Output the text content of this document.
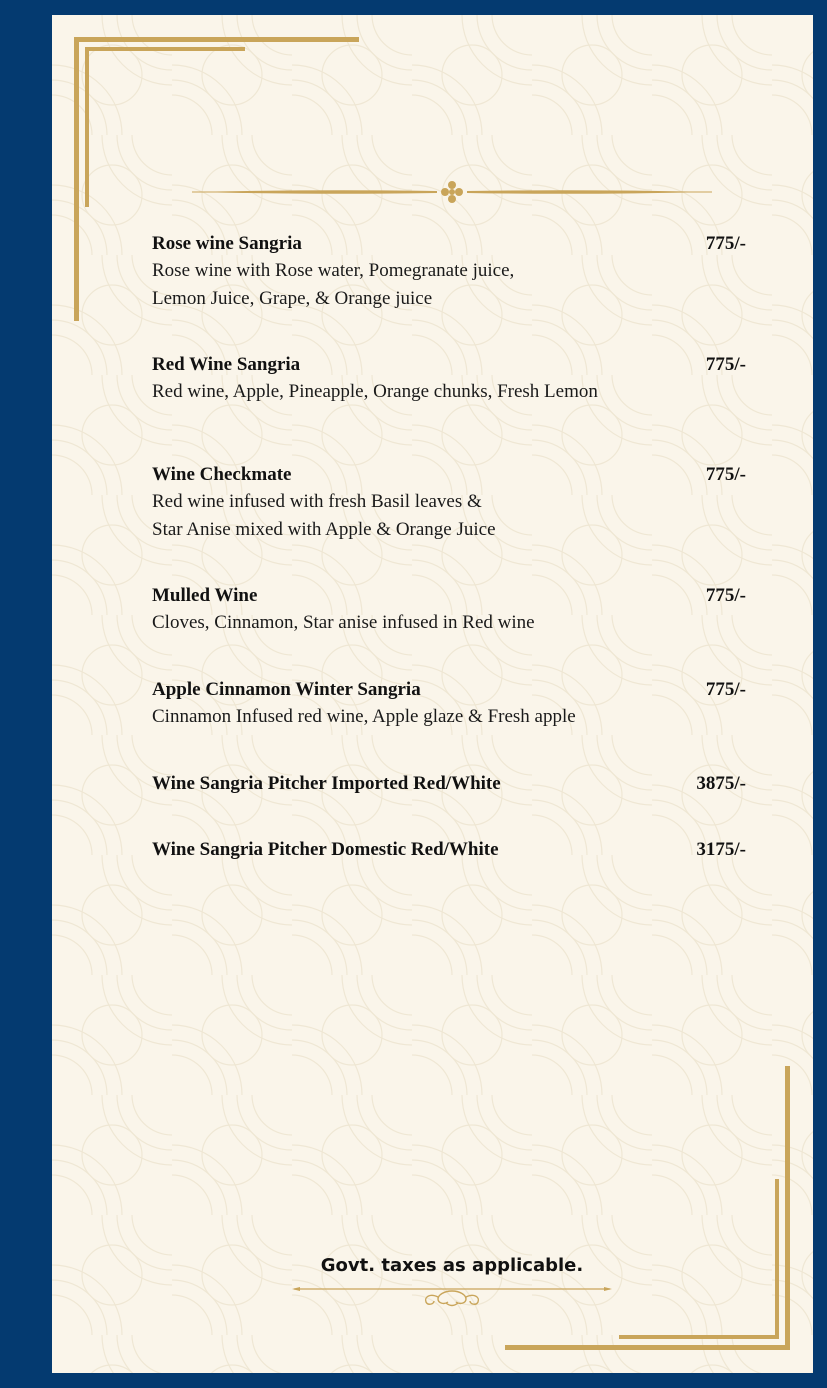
Rose wine Sangria	775/-

Rose wine with Rose water, Pomegranate juice,

Lemon Juice, Grape, & Orange juice

Red Wine Sangria	775/-

Red wine, Apple, Pineapple, Orange chunks, Fresh Lemon

Wine Checkmate	775/-

Red wine infused with fresh Basil leaves &

Star Anise mixed with Apple & Orange Juice

Mulled Wine	775/-

Cloves, Cinnamon, Star anise infused in Red wine

Apple Cinnamon Winter Sangria	775/-

Cinnamon Infused red wine, Apple glaze & Fresh apple

Wine Sangria Pitcher Imported Red/White	3875/-
Wine Sangria Pitcher Domestic Red/White	3175/-
Govt. taxes as applicable.
